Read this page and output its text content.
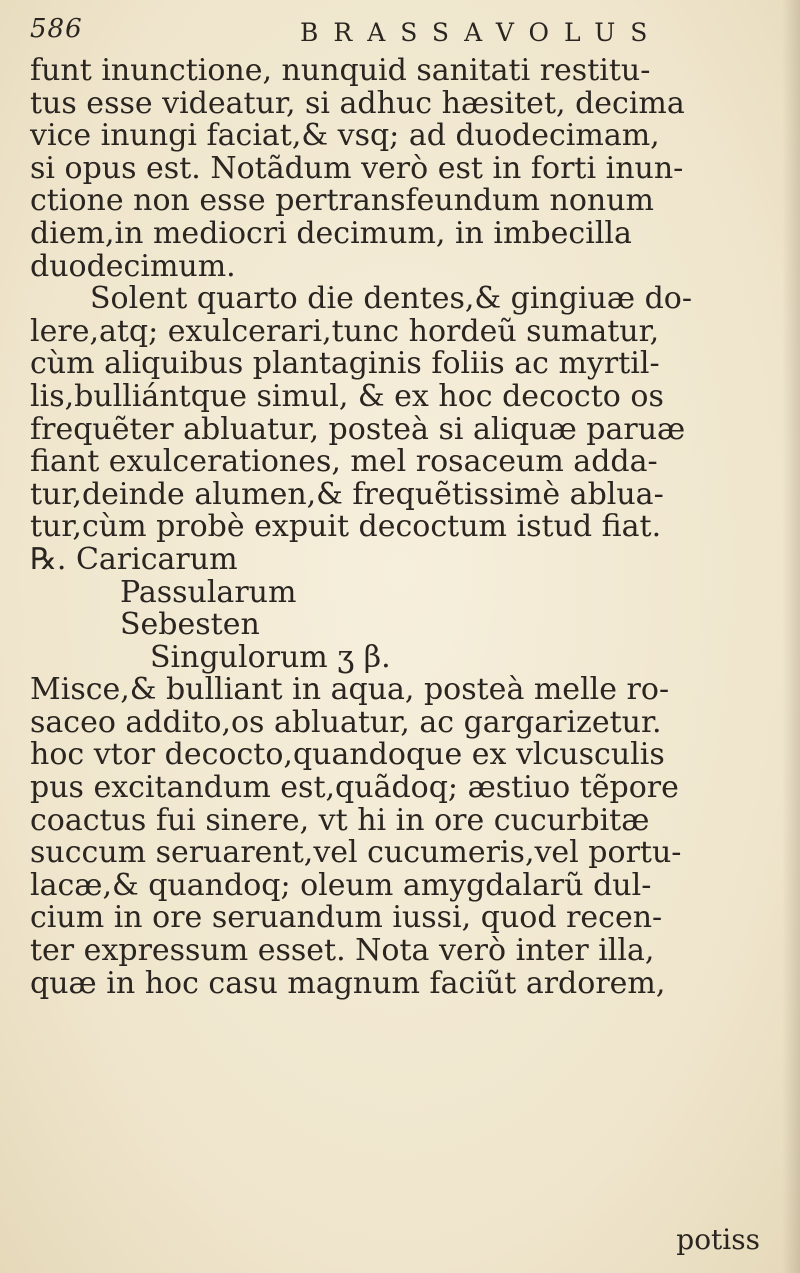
586	BRASSAVOLUS
funt inunctione, nunquid sanitati restitu-
tus esse videatur, si adhuc hæsitet, decima
vice inungi faciat,& vsq; ad duodecimam,
si opus est. Notãdum verò est in forti inun-
ctione non esse pertransfeundum nonum
diem,in mediocri decimum, in imbecilla
duodecimum.
Solent quarto die dentes,& gingiuæ do-
lere,atq; exulcerari,tunc hordeũ sumatur,
cùm aliquibus plantaginis foliis ac myrtil-
lis,bulliántque simul, & ex hoc decocto os
frequẽter abluatur, posteà si aliquæ paruæ
fiant exulcerationes, mel rosaceum adda-
tur,deinde alumen,& frequẽtissimè ablua-
tur,cùm probè expuit decoctum istud fiat.
℞. Caricarum
Passularum
Sebesten
Singulorum ʒ β.
Misce,& bulliant in aqua, posteà melle ro-
saceo addito,os abluatur, ac gargarizetur.
hoc vtor decocto,quandoque ex vlcusculis
pus excitandum est,quãdoq; æstiuo tẽpore
coactus fui sinere, vt hi in ore cucurbitæ
succum seruarent,vel cucumeris,vel portu-
lacæ,& quandoq; oleum amygdalarũ dul-
cium in ore seruandum iussi, quod recen-
ter expressum esset. Nota verò inter illa,
quæ in hoc casu magnum faciũt ardorem,
potiss
